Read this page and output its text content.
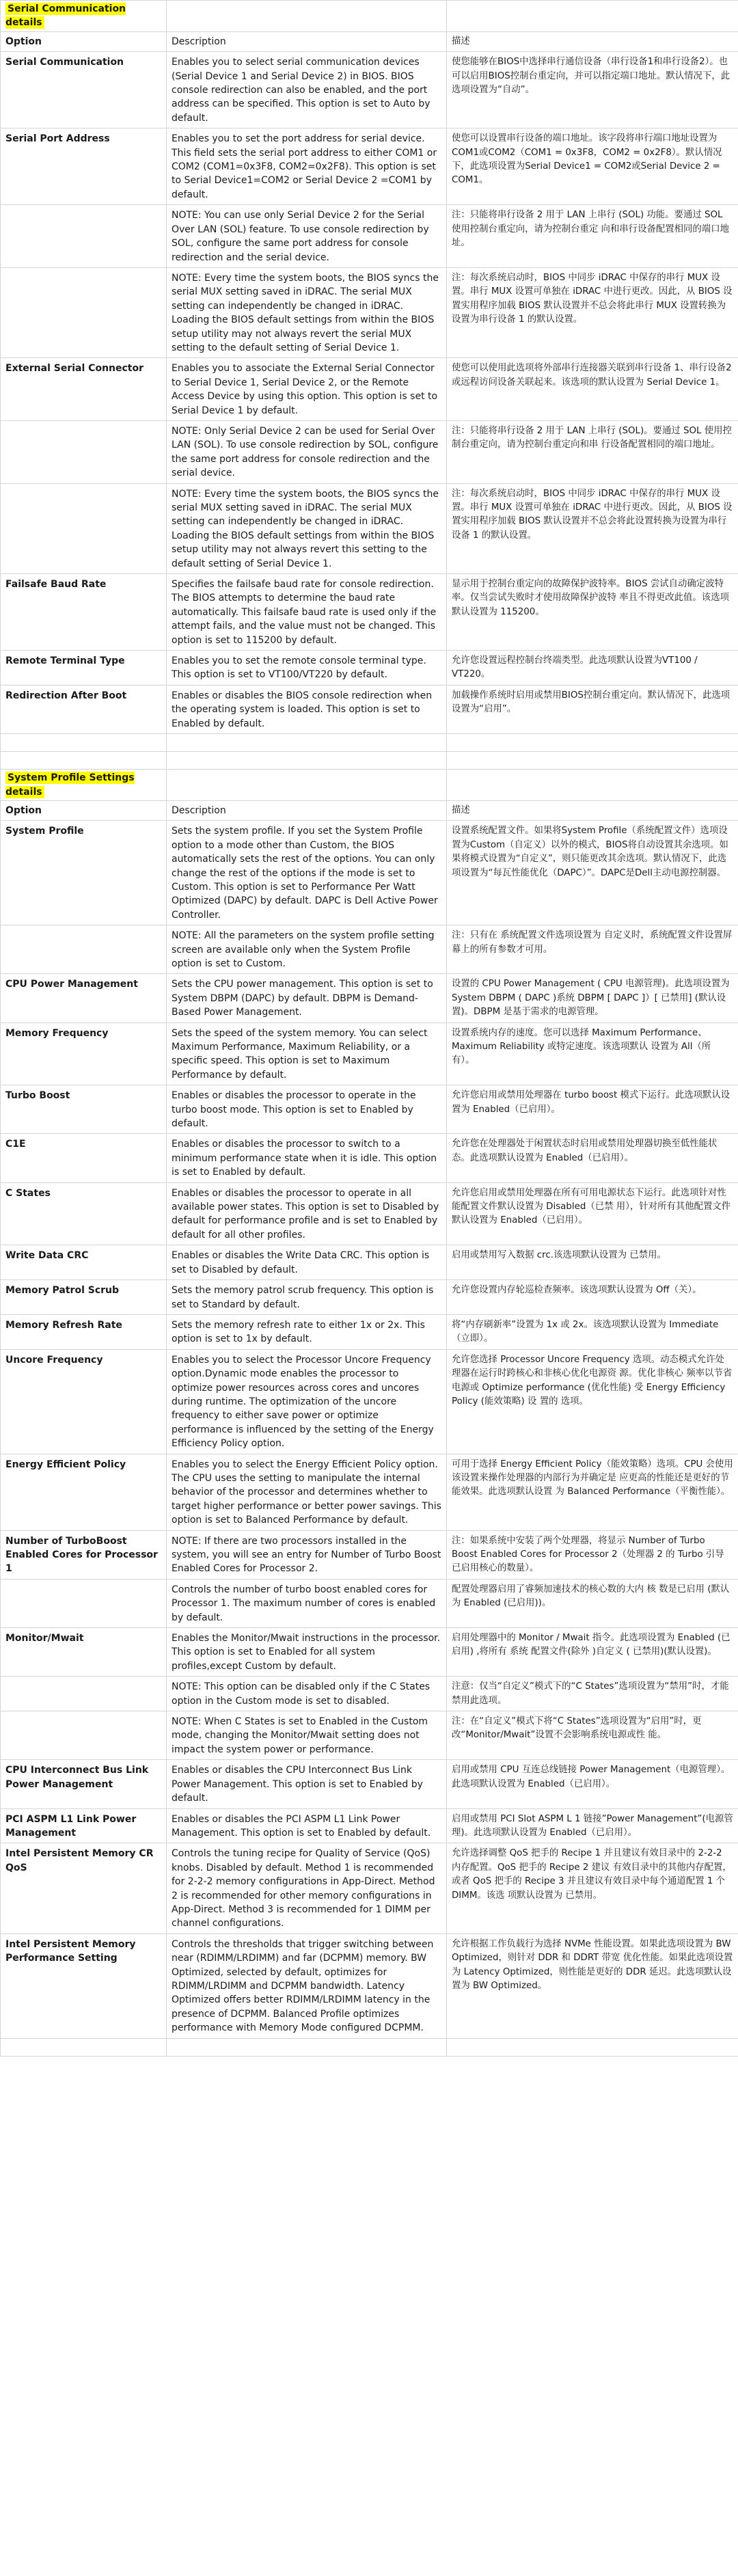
Serial Communication details		
Option	Description	描述
Serial Communication	Enables you to select serial communication devices (Serial Device 1 and Serial Device 2) in BIOS. BIOS console redirection can also be enabled, and the port address can be specified. This option is set to Auto by default.	使您能够在BIOS中选择串行通信设备（串行设备1和串行设备2）。也可以启用BIOS控制台重定向，并可以指定端口地址。默认情况下，此选项设置为“自动”。
Serial Port Address	Enables you to set the port address for serial device. This field sets the serial port address to either COM1 or COM2 (COM1=0x3F8, COM2=0x2F8). This option is set to Serial Device1=COM2 or Serial Device 2 =COM1 by default.	使您可以设置串行设备的端口地址。该字段将串行端口地址设置为COM1或COM2（COM1 = 0x3F8，COM2 = 0x2F8）。默认情况下，此选项设置为Serial Device1 = COM2或Serial Device 2 = COM1。
	NOTE: You can use only Serial Device 2 for the Serial Over LAN (SOL) feature. To use console redirection by SOL, configure the same port address for console redirection and the serial device.	注：只能将串行设备 2 用于 LAN 上串行 (SOL) 功能。要通过 SOL 使用控制台重定向，请为控制台重定 向和串行设备配置相同的端口地址。
	NOTE: Every time the system boots, the BIOS syncs the serial MUX setting saved in iDRAC. The serial MUX setting can independently be changed in iDRAC. Loading the BIOS default settings from within the BIOS setup utility may not always revert the serial MUX setting to the default setting of Serial Device 1.	注：每次系统启动时，BIOS 中同步 iDRAC 中保存的串行 MUX 设置。串行 MUX 设置可单独在 iDRAC 中进行更改。因此，从 BIOS 设置实用程序加载 BIOS 默认设置并不总会将此串行 MUX 设置转换为设置为串行设备 1 的默认设置。
External Serial Connector	Enables you to associate the External Serial Connector to Serial Device 1, Serial Device 2, or the Remote Access Device by using this option. This option is set to Serial Device 1 by default.	使您可以使用此选项将外部串行连接器关联到串行设备 1、串行设备2或远程访问设备关联起来。该选项的默认设置为 Serial Device 1。
	NOTE: Only Serial Device 2 can be used for Serial Over LAN (SOL). To use console redirection by SOL, configure the same port address for console redirection and the serial device.	注：只能将串行设备 2 用于 LAN 上串行 (SOL)。要通过 SOL 使用控制台重定向，请为控制台重定向和串 行设备配置相同的端口地址。
	NOTE: Every time the system boots, the BIOS syncs the serial MUX setting saved in iDRAC. The serial MUX setting can independently be changed in iDRAC. Loading the BIOS default settings from within the BIOS setup utility may not always revert this setting to the default setting of Serial Device 1.	注：每次系统启动时，BIOS 中同步 iDRAC 中保存的串行 MUX 设置。串行 MUX 设置可单独在 iDRAC 中进行更改。因此，从 BIOS 设置实用程序加载 BIOS 默认设置并不总会将此设置转换为设置为串行设备 1 的默认设置。
Failsafe Baud Rate	Specifies the failsafe baud rate for console redirection. The BIOS attempts to determine the baud rate automatically. This failsafe baud rate is used only if the attempt fails, and the value must not be changed. This option is set to 115200 by default.	显示用于控制台重定向的故障保护波特率。BIOS 尝试自动确定波特率。仅当尝试失败时才使用故障保护波特 率且不得更改此值。该选项默认设置为 115200。
Remote Terminal Type	Enables you to set the remote console terminal type. This option is set to VT100/VT220 by default.	允许您设置远程控制台终端类型。此选项默认设置为VT100 / VT220。
Redirection After Boot	Enables or disables the BIOS console redirection when the operating system is loaded. This option is set to Enabled by default.	加载操作系统时启用或禁用BIOS控制台重定向。默认情况下，此选项设置为“启用”。

System Profile Settings details		
Option	Description	描述
System Profile	Sets the system profile. If you set the System Profile option to a mode other than Custom, the BIOS automatically sets the rest of the options. You can only change the rest of the options if the mode is set to Custom. This option is set to Performance Per Watt Optimized (DAPC) by default. DAPC is Dell Active Power Controller.	设置系统配置文件。如果将System Profile（系统配置文件）选项设置为Custom（自定义）以外的模式，BIOS将自动设置其余选项。如果将模式设置为“自定义”，则只能更改其余选项。默认情况下，此选项设置为“每瓦性能优化（DAPC）”。DAPC是Dell主动电源控制器。
	NOTE: All the parameters on the system profile setting screen are available only when the System Profile option is set to Custom.	注：只有在 系统配置文件选项设置为 自定义时，系统配置文件设置屏幕上的所有参数才可用。
CPU Power Management	Sets the CPU power management. This option is set to System DBPM (DAPC) by default. DBPM is Demand-Based Power Management.	设置的 CPU Power Management ( CPU 电源管理)。此选项设置为 System DBPM ( DAPC )系统 DBPM [ DAPC ]）[ 已禁用] (默认设置)。DBPM 是基于需求的电源管理。
Memory Frequency	Sets the speed of the system memory. You can select Maximum Performance, Maximum Reliability, or a specific speed. This option is set to Maximum Performance by default.	设置系统内存的速度。您可以选择 Maximum Performance、Maximum Reliability 或特定速度。该选项默认 设置为 All（所有）。
Turbo Boost	Enables or disables the processor to operate in the turbo boost mode. This option is set to Enabled by default.	允许您启用或禁用处理器在 turbo boost 模式下运行。此选项默认设置为 Enabled（已启用）。
C1E	Enables or disables the processor to switch to a minimum performance state when it is idle. This option is set to Enabled by default.	允许您在处理器处于闲置状态时启用或禁用处理器切换至低性能状态。此选项默认设置为 Enabled（已启用）。
C States	Enables or disables the processor to operate in all available power states. This option is set to Disabled by default for performance profile and is set to Enabled by default for all other profiles.	允许您启用或禁用处理器在所有可用电源状态下运行。此选项针对性能配置文件默认设置为 Disabled（已禁 用），针对所有其他配置文件默认设置为 Enabled（已启用）。
Write Data CRC	Enables or disables the Write Data CRC. This option is set to Disabled by default.	启用或禁用写入数据 crc.该选项默认设置为 已禁用。
Memory Patrol Scrub	Sets the memory patrol scrub frequency. This option is set to Standard by default.	允许您设置内存轮巡检查频率。该选项默认设置为 Off（关）。
Memory Refresh Rate	Sets the memory refresh rate to either 1x or 2x. This option is set to 1x by default.	将“内存刷新率”设置为 1x 或 2x。该选项默认设置为 Immediate（立即）。
Uncore Frequency	Enables you to select the Processor Uncore Frequency option.Dynamic mode enables the processor to optimize power resources across cores and uncores during runtime. The optimization of the uncore frequency to either save power or optimize performance is influenced by the setting of the Energy Efficiency Policy option.	允许您选择 Processor Uncore Frequency 选项。动态模式允许处理器在运行时跨核心和非核心优化电源资 源。优化非核心 频率以节省电源或 Optimize performance (优化性能) 受 Energy Efficiency Policy (能效策略) 设 置的 选项。
Energy Efficient Policy	Enables you to select the Energy Efficient Policy option. The CPU uses the setting to manipulate the internal behavior of the processor and determines whether to target higher performance or better power savings. This option is set to Balanced Performance by default.	可用于选择 Energy Efficient Policy（能效策略）选项。CPU 会使用该设置来操作处理器的内部行为并确定是 应更高的性能还是更好的节能效果。此选项默认设置 为 Balanced Performance（平衡性能）。
Number of TurboBoost Enabled Cores for Processor 1	NOTE: If there are two processors installed in the system, you will see an entry for Number of Turbo Boost Enabled Cores for Processor 2.	注：如果系统中安装了两个处理器，将显示 Number of Turbo Boost Enabled Cores for Processor 2（处理器 2 的 Turbo 引导已启用核心的数量）。
	Controls the number of turbo boost enabled cores for Processor 1. The maximum number of cores is enabled by default.	配置处理器启用了睿频加速技术的核心数的大内 核 数是已启用 (默认为 Enabled (已启用))。
Monitor/Mwait	Enables the Monitor/Mwait instructions in the processor. This option is set to Enabled for all system profiles,except Custom by default.	启用处理器中的 Monitor / Mwait 指令。此选项设置为 Enabled (已启用) ,将所有 系统 配置文件(除外 )自定义 ( 已禁用)(默认设置)。
	NOTE: This option can be disabled only if the C States option in the Custom mode is set to disabled.	注意：仅当“自定义”模式下的“C States”选项设置为“禁用”时，才能禁用此选项。
	NOTE: When C States is set to Enabled in the Custom mode, changing the Monitor/Mwait setting does not impact the system power or performance.	注：在“自定义”模式下将“C States”选项设置为“启用”时，更改“Monitor/Mwait”设置不会影响系统电源或性 能。
CPU Interconnect Bus Link Power Management	Enables or disables the CPU Interconnect Bus Link Power Management. This option is set to Enabled by default.	启用或禁用 CPU 互连总线链接 Power Management（电源管理）。此选项默认设置为 Enabled（已启用）。
PCI ASPM L1 Link Power Management	Enables or disables the PCI ASPM L1 Link Power Management. This option is set to Enabled by default.	启用或禁用 PCI Slot ASPM L 1 链接”Power Management”(电源管理)。此选项默认设置为 Enabled（已启用）。
Intel Persistent Memory CR QoS	Controls the tuning recipe for Quality of Service (QoS) knobs. Disabled by default. Method 1 is recommended
for 2-2-2 memory configurations in App-Direct. Method 2 is recommended for other memory configurations in
App-Direct. Method 3 is recommended for 1 DIMM per channel configurations.	允许选择调整 QoS 把手的 Recipe 1 并且建议有效目录中的 2-2-2 内存配置。QoS 把手的 Recipe 2 建议 有效目录中的其他内存配置，或者 QoS 把手的 Recipe 3 并且建议有效目录中每个通道配置 1 个 DIMM。该选 项默认设置为 已禁用。
Intel Persistent Memory Performance Setting	Controls the thresholds that trigger switching between near (RDIMM/LRDIMM) and far (DCPMM) memory. BW
Optimized, selected by default, optimizes for RDIMM/LRDIMM and DCPMM bandwidth. Latency Optimized offers better RDIMM/LRDIMM latency in the presence of DCPMM. Balanced Profile optimizes performance with Memory Mode configured DCPMM.	允许根据工作负载行为选择 NVMe 性能设置。如果此选项设置为 BW Optimized，则针对 DDR 和 DDRT 带宽 优化性能。如果此选项设置为 Latency Optimized，则性能是更好的 DDR 延迟。此选项默认设置为 BW Optimized。
